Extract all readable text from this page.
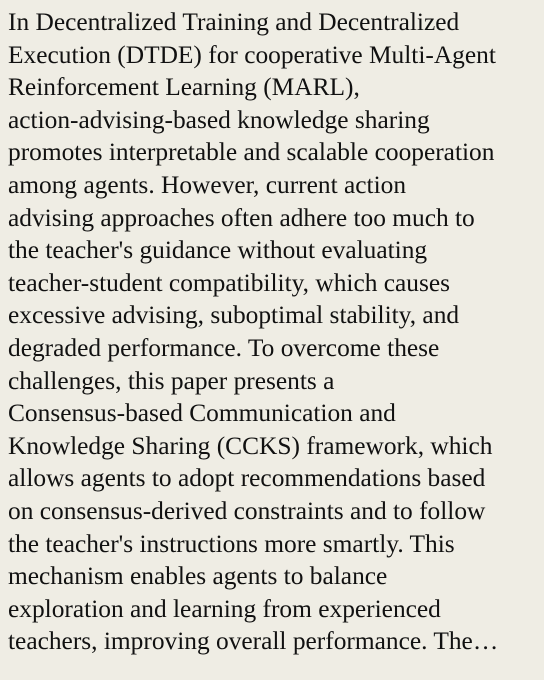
In Decentralized Training and Decentralized
Execution (DTDE) for cooperative Multi-Agent
Reinforcement Learning (MARL),
action-advising-based knowledge sharing
promotes interpretable and scalable cooperation
among agents. However, current action
advising approaches often adhere too much to
the teacher's guidance without evaluating
teacher-student compatibility, which causes
excessive advising, suboptimal stability, and
degraded performance. To overcome these
challenges, this paper presents a
Consensus-based Communication and
Knowledge Sharing (CCKS) framework, which
allows agents to adopt recommendations based
on consensus-derived constraints and to follow
the teacher's instructions more smartly. This
mechanism enables agents to balance
exploration and learning from experienced
teachers, improving overall performance. The…
